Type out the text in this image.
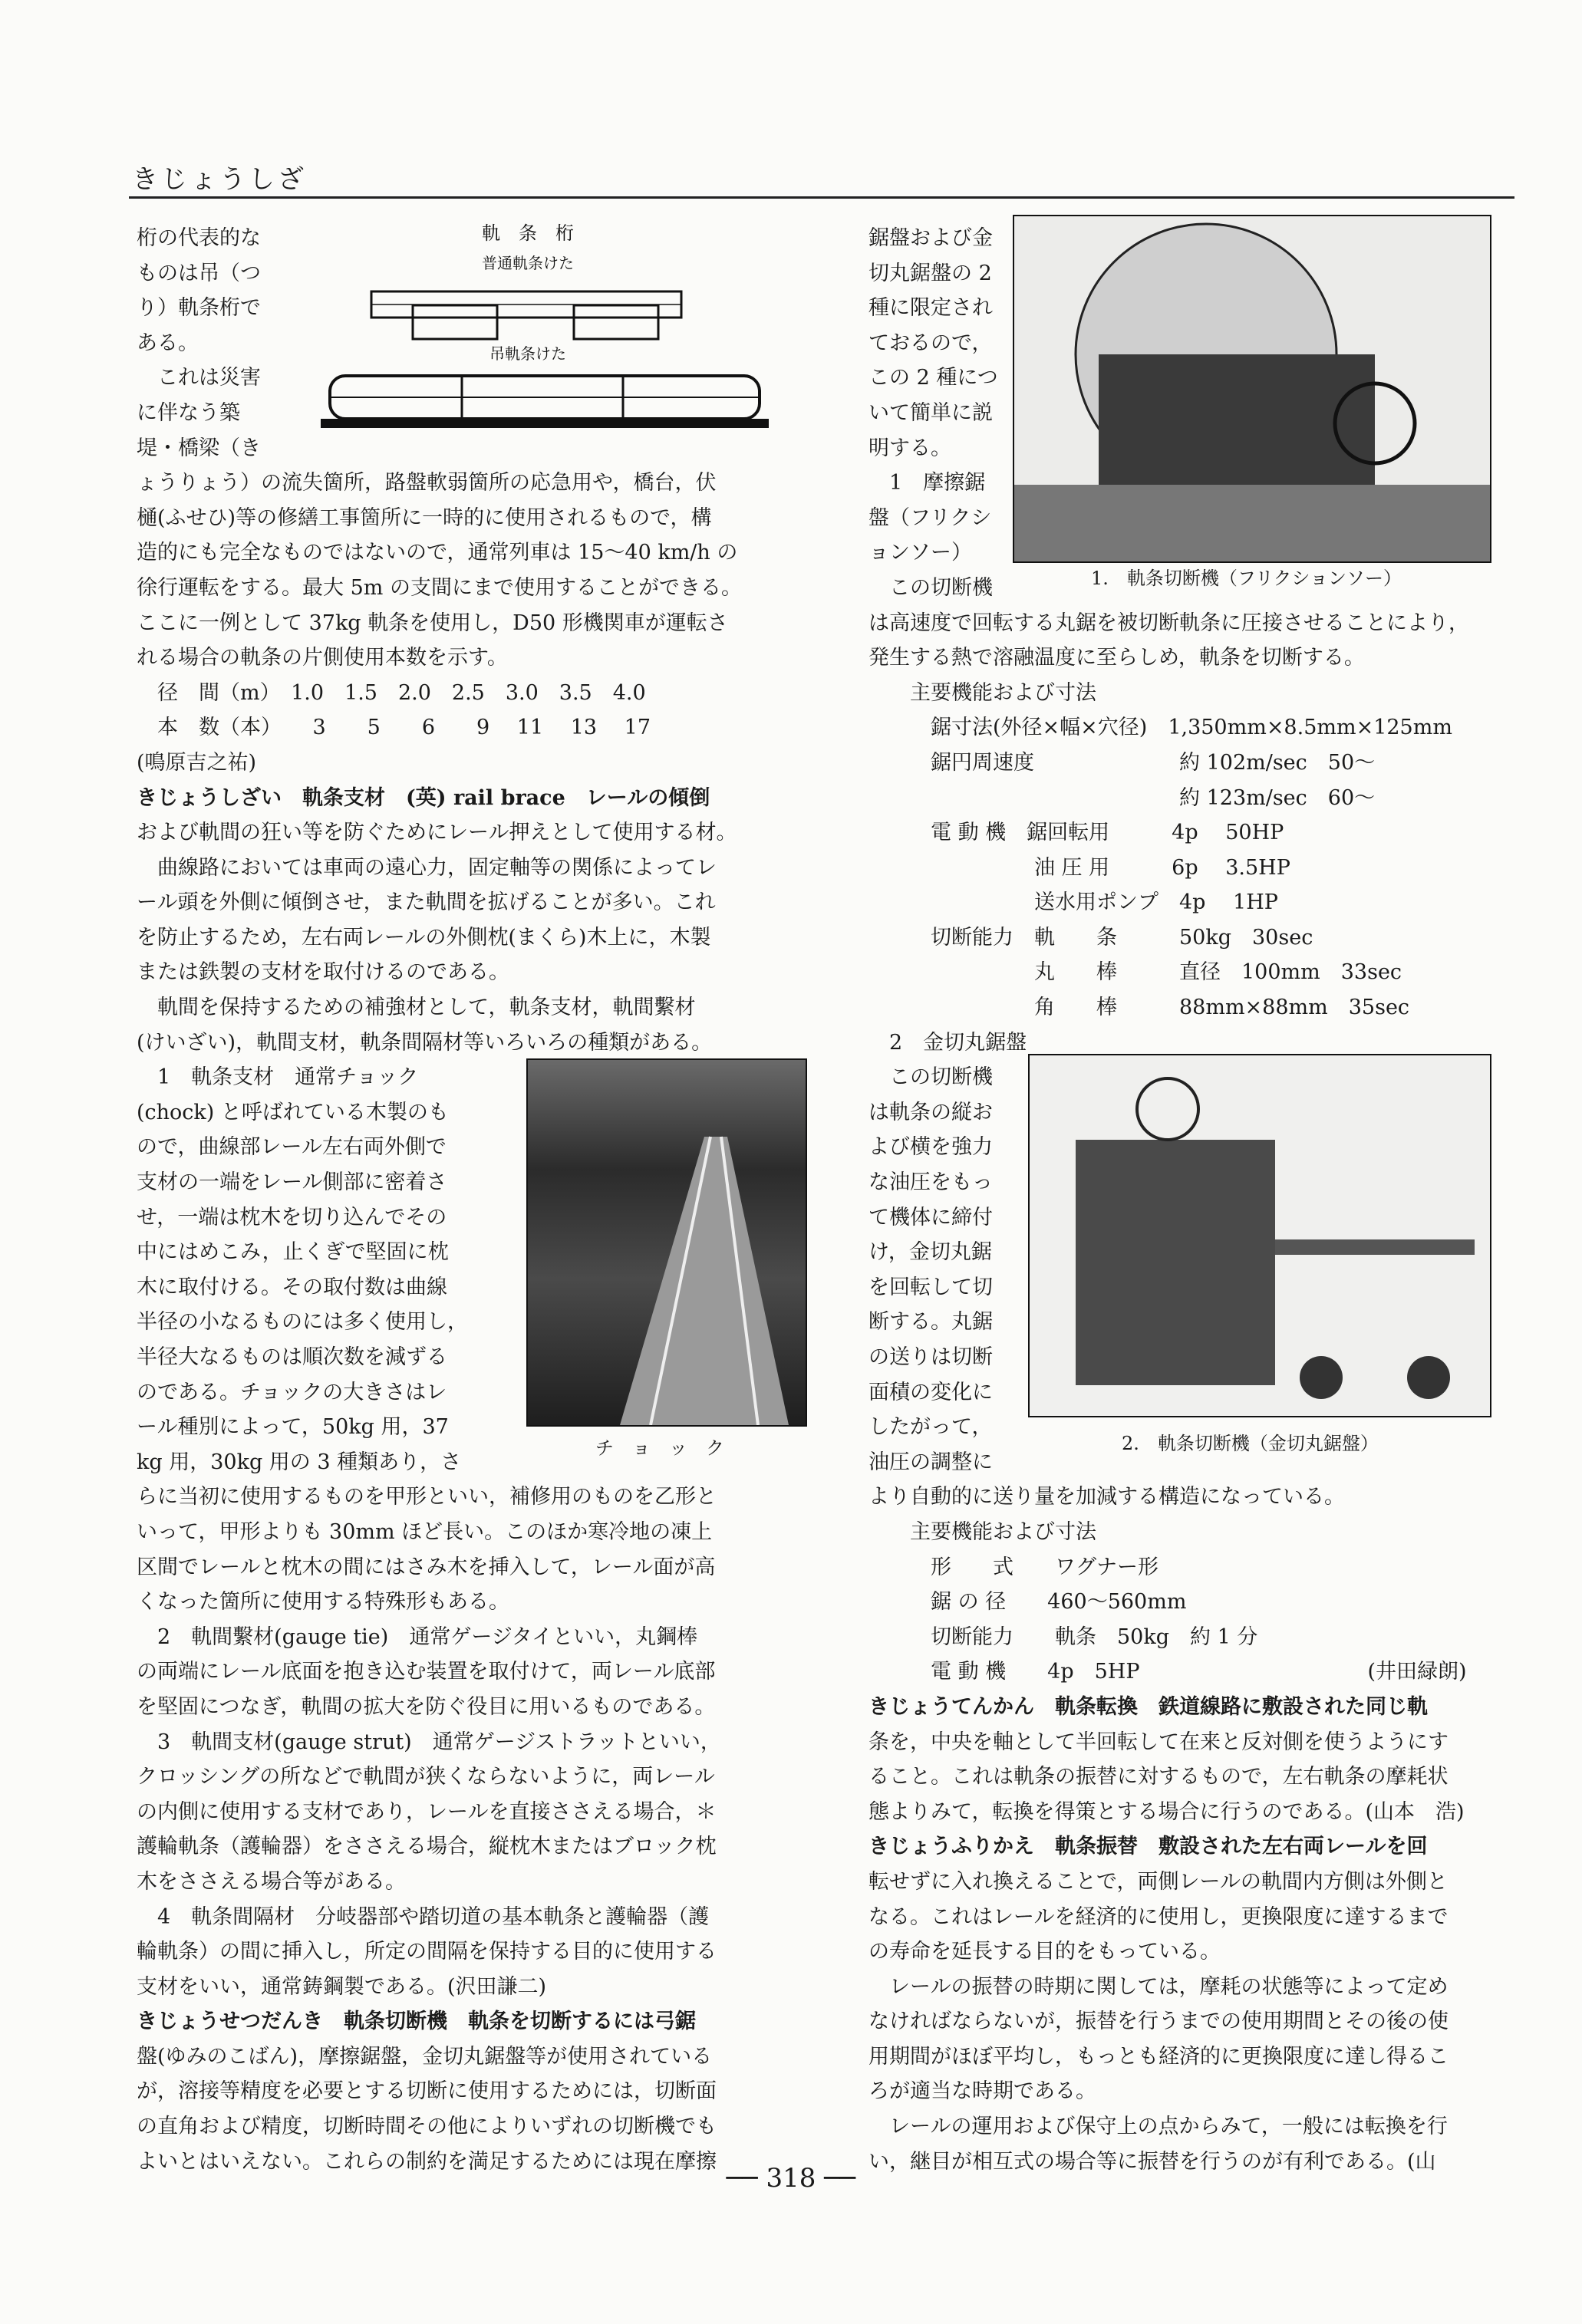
きじょうしざ
桁の代表的な
ものは吊（つ
り）軌条桁で
ある。
　これは災害
に伴なう築
堤・橋梁（き
ょうりょう）の流失箇所，路盤軟弱箇所の応急用や，橋台，伏
樋(ふせひ)等の修繕工事箇所に一時的に使用されるもので，構
造的にも完全なものではないので，通常列車は 15〜40 km/h の
徐行運転をする。最大 5m の支間にまで使用することができる。
ここに一例として 37kg 軌条を使用し，D50 形機関車が運転さ
れる場合の軌条の片側使用本数を示す。
　径　間（m）　1.0　1.5　2.0　2.5　3.0　3.5　4.0
　本　数（本）　　3　　5　　6　　9　 11　 13　 17
(鳴原吉之祐)
きじょうしざい　軌条支材　(英) rail brace　レールの傾倒
および軌間の狂い等を防ぐためにレール押えとして使用する材。
　曲線路においては車両の遠心力，固定軸等の関係によってレ
ール頭を外側に傾倒させ，また軌間を拡げることが多い。これ
を防止するため，左右両レールの外側枕(まくら)木上に，木製
または鉄製の支材を取付けるのである。
　軌間を保持するための補強材として，軌条支材，軌間繫材
(けいざい)，軌間支材，軌条間隔材等いろいろの種類がある。
　1　軌条支材　通常チョック
(chock) と呼ばれている木製のも
ので，曲線部レール左右両外側で
支材の一端をレール側部に密着さ
せ，一端は枕木を切り込んでその
中にはめこみ，止くぎで堅固に枕
木に取付ける。その取付数は曲線
半径の小なるものには多く使用し，
半径大なるものは順次数を減ずる
のである。チョックの大きさはレ
ール種別によって，50kg 用，37
kg 用，30kg 用の 3 種類あり，さ
らに当初に使用するものを甲形といい，補修用のものを乙形と
いって，甲形よりも 30mm ほど長い。このほか寒冷地の凍上
区間でレールと枕木の間にはさみ木を挿入して，レール面が高
くなった箇所に使用する特殊形もある。
　2　軌間繫材(gauge tie)　通常ゲージタイといい，丸鋼棒
の両端にレール底面を抱き込む装置を取付けて，両レール底部
を堅固につなぎ，軌間の拡大を防ぐ役目に用いるものである。
　3　軌間支材(gauge strut)　通常ゲージストラットといい，
クロッシングの所などで軌間が狭くならないように，両レール
の内側に使用する支材であり，レールを直接ささえる場合，＊
護輪軌条（護輪器）をささえる場合，縦枕木またはブロック枕
木をささえる場合等がある。
　4　軌条間隔材　分岐器部や踏切道の基本軌条と護輪器（護
輪軌条）の間に挿入し，所定の間隔を保持する目的に使用する
支材をいい，通常鋳鋼製である。(沢田謙二)
きじょうせつだんき　軌条切断機　軌条を切断するには弓鋸
盤(ゆみのこばん)，摩擦鋸盤，金切丸鋸盤等が使用されている
が，溶接等精度を必要とする切断に使用するためには，切断面
の直角および精度，切断時間その他によりいずれの切断機でも
よいとはいえない。これらの制約を満足するためには現在摩擦
鋸盤および金
切丸鋸盤の 2
種に限定され
ておるので，
この 2 種につ
いて簡単に説
明する。
　1　摩擦鋸
盤（フリクシ
ョンソー）
　この切断機
は高速度で回転する丸鋸を被切断軌条に圧接させることにより，
発生する熱で溶融温度に至らしめ，軌条を切断する。
　　主要機能および寸法
　　　鋸寸法(外径×幅×穴径)　1,350mm×8.5mm×125mm
　　　鋸円周速度　　　　　　　約 102m/sec　50〜
　　　　　　　　　　　　　　　約 123m/sec　60〜
　　　電 動 機　鋸回転用　　　4p　 50HP
　　　　　　　　油 圧 用　　　6p　 3.5HP
　　　　　　　　送水用ポンプ　4p　 1HP
　　　切断能力　軌　　条　　　50kg　30sec
　　　　　　　　丸　　棒　　　直径　100mm　33sec
　　　　　　　　角　　棒　　　88mm×88mm　35sec
　2　金切丸鋸盤
　この切断機
は軌条の縦お
よび横を強力
な油圧をもっ
て機体に締付
け，金切丸鋸
を回転して切
断する。丸鋸
の送りは切断
面積の変化に
したがって，
油圧の調整に
より自動的に送り量を加減する構造になっている。
　　主要機能および寸法
　　　形　　式　　ワグナー形
　　　鋸 の 径　　460〜560mm
　　　切断能力　　軌条　50kg　約 1 分
　　　電 動 機　　4p　5HP　　　　　　　　　　　(井田緑朗)
きじょうてんかん　軌条転換　鉄道線路に敷設された同じ軌
条を，中央を軸として半回転して在来と反対側を使うようにす
ること。これは軌条の振替に対するもので，左右軌条の摩耗状
態よりみて，転換を得策とする場合に行うのである。(山本　浩)
きじょうふりかえ　軌条振替　敷設された左右両レールを回
転せずに入れ換えることで，両側レールの軌間内方側は外側と
なる。これはレールを経済的に使用し，更換限度に達するまで
の寿命を延長する目的をもっている。
　レールの振替の時期に関しては，摩耗の状態等によって定め
なければならないが，振替を行うまでの使用期間とその後の使
用期間がほぼ平均し，もっとも経済的に更換限度に達し得るこ
ろが適当な時期である。
　レールの運用および保守上の点からみて，一般には転換を行
い，継目が相互式の場合等に振替を行うのが有利である。(山
軌　条　桁
普通軌条けた
吊軌条けた
チ　ョ　ッ　ク
1.　軌条切断機（フリクションソー）
2.　軌条切断機（金切丸鋸盤）
── 318 ──
